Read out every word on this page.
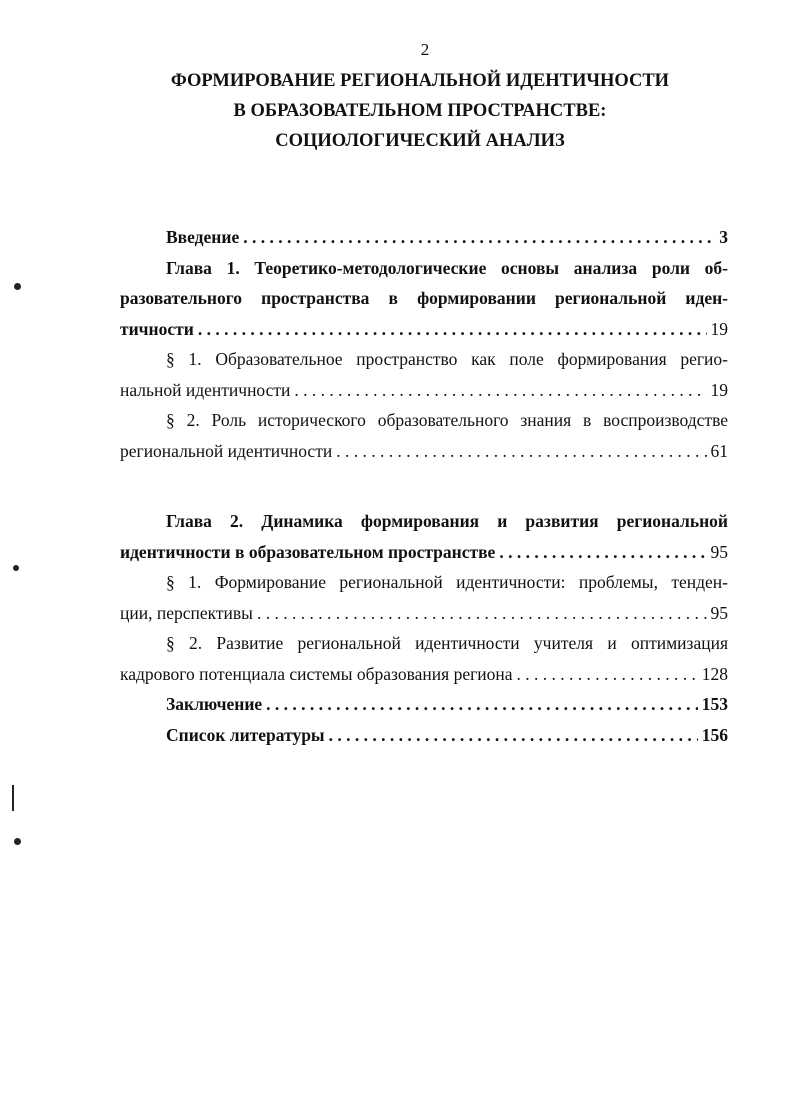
2
ФОРМИРОВАНИЕ РЕГИОНАЛЬНОЙ ИДЕНТИЧНОСТИ
В ОБРАЗОВАТЕЛЬНОМ ПРОСТРАНСТВЕ:
СОЦИОЛОГИЧЕСКИЙ АНАЛИЗ
Введение . . .	3
Глава 1. Теоретико-методологические основы анализа роли об-
разовательного пространства в формировании региональной иден-
тичности . . .	19
§ 1. Образовательное пространство как поле формирования регио-
нальной идентичности . . .	19
§ 2. Роль исторического образовательного знания в воспроизводстве
региональной идентичности . . .	61
Глава 2. Динамика формирования и развития региональной
идентичности в образовательном пространстве . . .	95
§ 1. Формирование региональной идентичности: проблемы, тенден-
ции, перспективы . . .	95
§ 2. Развитие региональной идентичности учителя и оптимизация
кадрового потенциала системы образования региона . . .	128
Заключение . . .	153
Список литературы . . .	156
